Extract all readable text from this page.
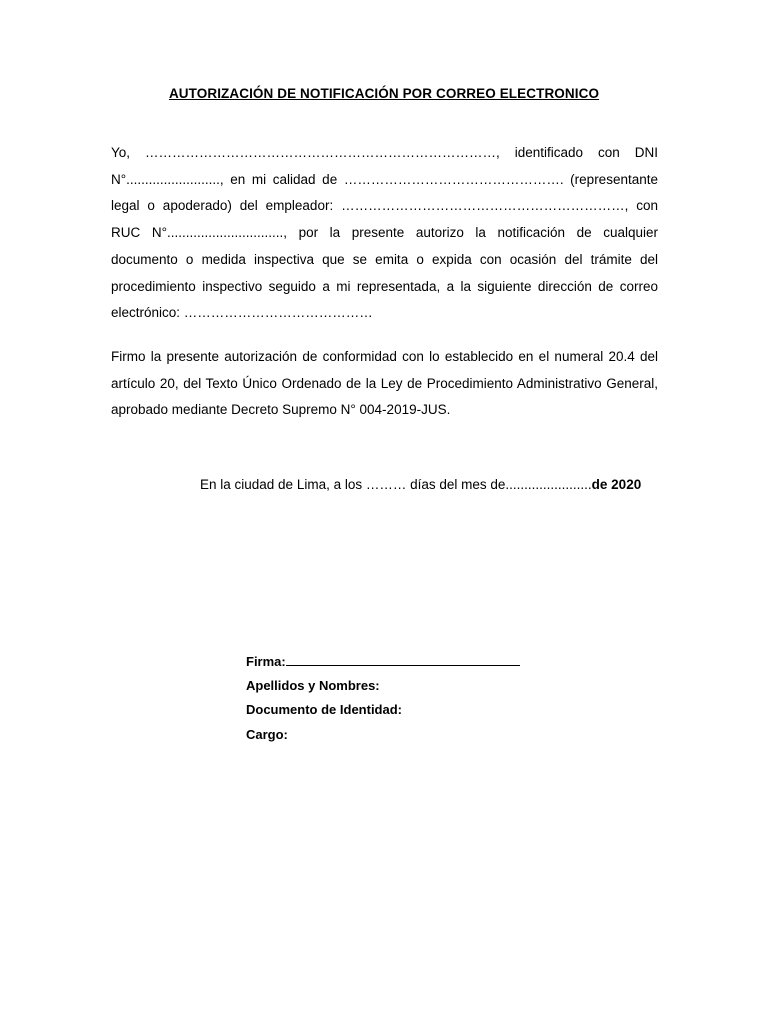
AUTORIZACIÓN DE NOTIFICACIÓN POR CORREO ELECTRONICO
Yo, ……………………………………………………………………, identificado con DNI N°........................., en mi calidad de …………………………………………. (representante legal o apoderado) del empleador: ………………………………………………………, con RUC N°..............................., por la presente autorizo la notificación de cualquier documento o medida inspectiva que se emita o expida con ocasión del trámite del procedimiento inspectivo seguido a mi representada, a la siguiente dirección de correo electrónico: ……………………………………
Firmo la presente autorización de conformidad con lo establecido en el numeral 20.4 del artículo 20, del Texto Único Ordenado de la Ley de Procedimiento Administrativo General, aprobado mediante Decreto Supremo N° 004-2019-JUS.
En la ciudad de Lima, a los ……… días del mes de.......................de 2020
Firma:
Apellidos y Nombres:
Documento de Identidad:
Cargo:
